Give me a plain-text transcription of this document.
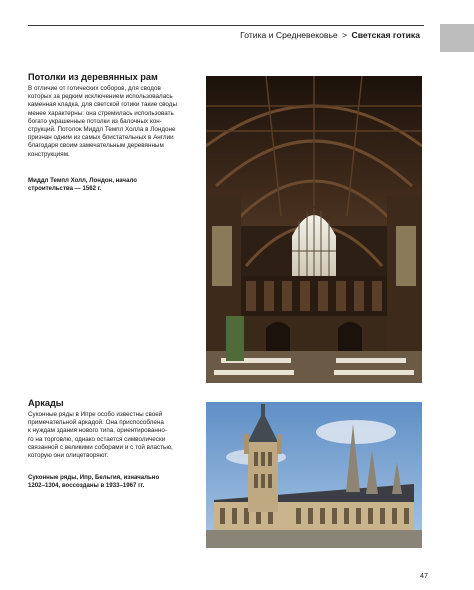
Готика и Средневековье > Светская готика
Потолки из деревянных рам
В отличие от готических соборов, для сводов
которых за редким исключением использовалась
каменная кладка, для светской готики такие своды
менее характерны: она стремилась использовать
богато украшенные потолки из балочных кон-
струкций. Потолок Миддл Темпл Холла в Лондоне
признан одним из самых блистательных в Англии
благодаря своим замечательным деревянным
конструкциям.
Миддл Темпл Холл, Лондон, начало
строительства — 1562 г.
Аркады
Суконные ряды в Ипре особо известны своей
примечательной аркадой. Она приспособлена
к нуждам здания нового типа, ориентированно-
го на торговлю, однако остается символически
связанной с великими соборами и с той властью,
которую они олицетворяют.
Суконные ряды, Ипр, Бельгия, изначально
1202–1304, воссозданы в 1933–1967 гг.
47
